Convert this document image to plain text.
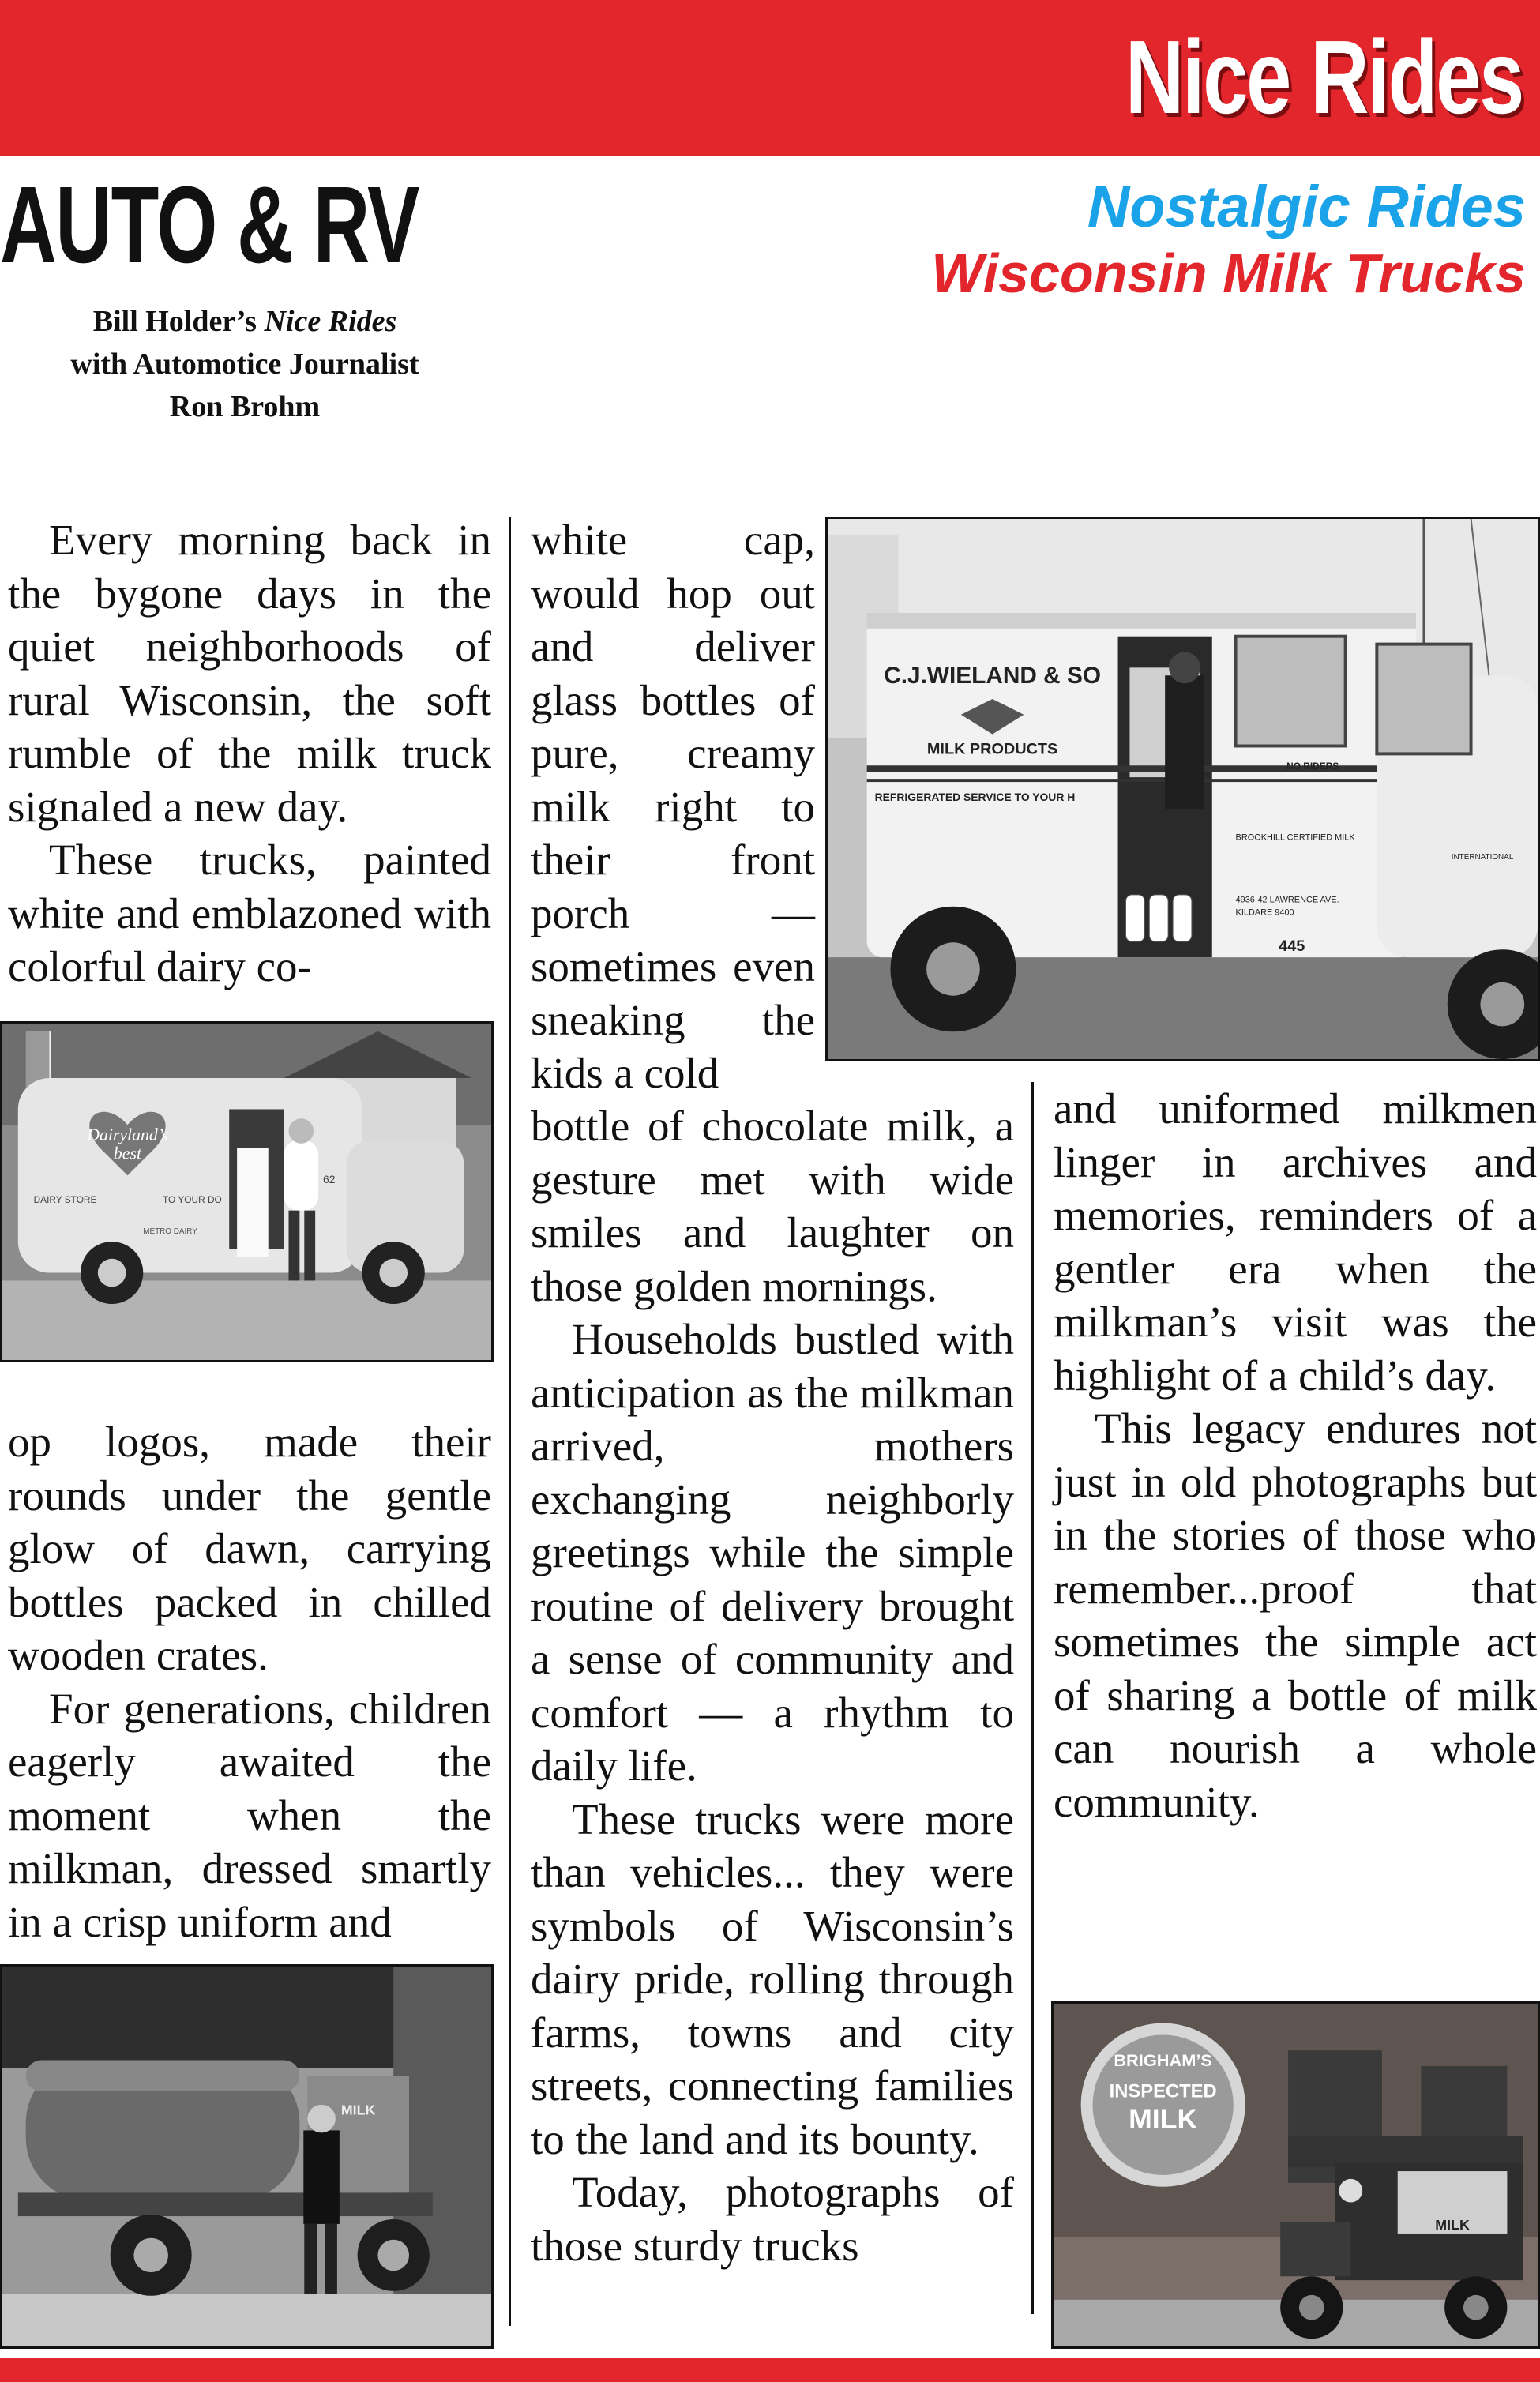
Nice Rides
AUTO & RV	Nostalgic Rides
Wisconsin Milk Trucks
Bill Holder’s Nice Rides
with Automotice Journalist
Ron Brohm

Every morning back in the bygone days in the quiet neighborhoods of rural Wisconsin, the soft rumble of the milk truck signaled a new day.

These trucks, painted white and emblazoned with colorful dairy co-

Dairyland’s
best
DAIRY STORE	TO YOUR DO
62
METRO DAIRY

op logos, made their rounds under the gentle glow of dawn, carrying bottles packed in chilled wooden crates.

For generations, children eagerly awaited the moment when the milkman, dressed smartly in a crisp uniform and

MILK
C.J.WIELAND & SO
MILK PRODUCTS
REFRIGERATED SERVICE TO YOUR H
445
NO RIDERS
BROOKHILL CERTIFIED MILK
4936-42 LAWRENCE AVE.
KILDARE 9400
INTERNATIONAL

white cap, would hop out and deliver glass bottles of pure, creamy milk right to their front porch — sometimes even sneaking the kids a cold

bottle of chocolate milk, a gesture met with wide smiles and laughter on those golden mornings.

Households bustled with anticipation as the milkman arrived, mothers exchanging neighborly greetings while the simple routine of delivery brought a sense of community and comfort — a rhythm to daily life.

These trucks were more than vehicles... they were symbols of Wisconsin’s dairy pride, rolling through farms, towns and city streets, connecting families to the land and its bounty.

Today, photographs of those sturdy trucks

and uniformed milkmen linger in archives and memories, reminders of a gentler era when the milkman’s visit was the highlight of a child’s day.

This legacy endures not just in old photographs but in the stories of those who remember...proof that sometimes the simple act of sharing a bottle of milk can nourish a whole community.

BRIGHAM’S
INSPECTED
MILK
MILK
